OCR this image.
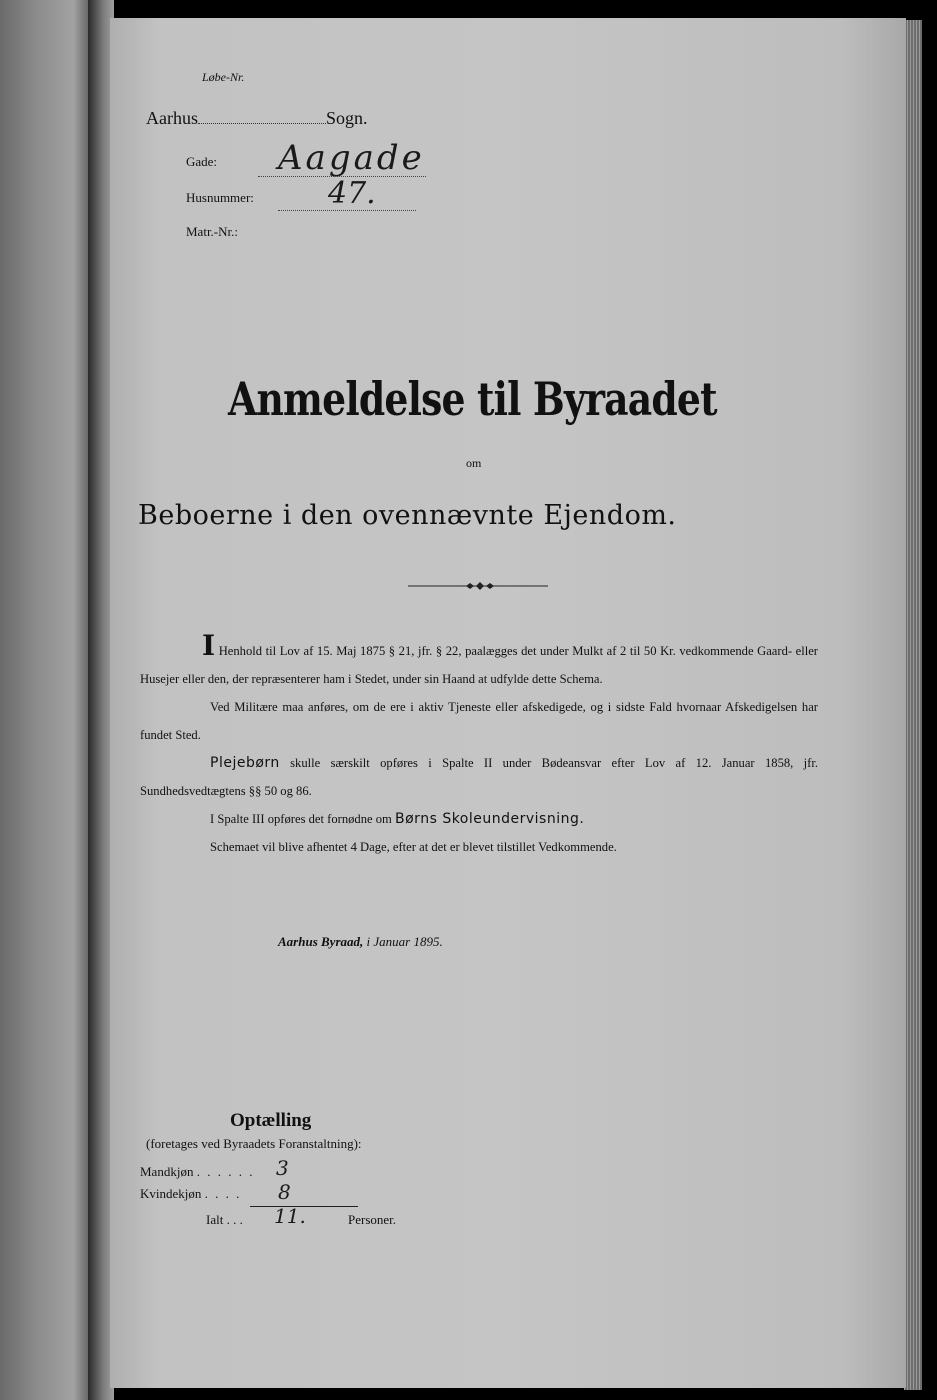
Løbe-Nr.
Aarhus	Sogn.
Gade: Aagade
Husnummer: 47.
Matr.-Nr.:
Anmeldelse til Byraadet
om
Beboerne i den ovennævnte Ejendom.

I Henhold til Lov af 15. Maj 1875 § 21, jfr. § 22, paalægges det under Mulkt af 2 til 50 Kr. vedkommende Gaard- eller Husejer eller den, der repræsenterer ham i Stedet, under sin Haand at udfylde dette Schema.

Ved Militære maa anføres, om de ere i aktiv Tjeneste eller afskedigede, og i sidste Fald hvornaar Afskedigelsen har fundet Sted.

Plejebørn skulle særskilt opføres i Spalte II under Bødeansvar efter Lov af 12. Januar 1858, jfr. Sundhedsvedtægtens §§ 50 og 86.

I Spalte III opføres det fornødne om Børns Skoleundervisning.

Schemaet vil blive afhentet 4 Dage, efter at det er blevet tilstillet Vedkommende.

Aarhus Byraad, i Januar 1895.
Optælling
(foretages ved Byraadets Foranstaltning):
Mandkjøn . . . . . . 3
Kvindekjøn . . . . 8
Ialt . . . 11.	Personer.
